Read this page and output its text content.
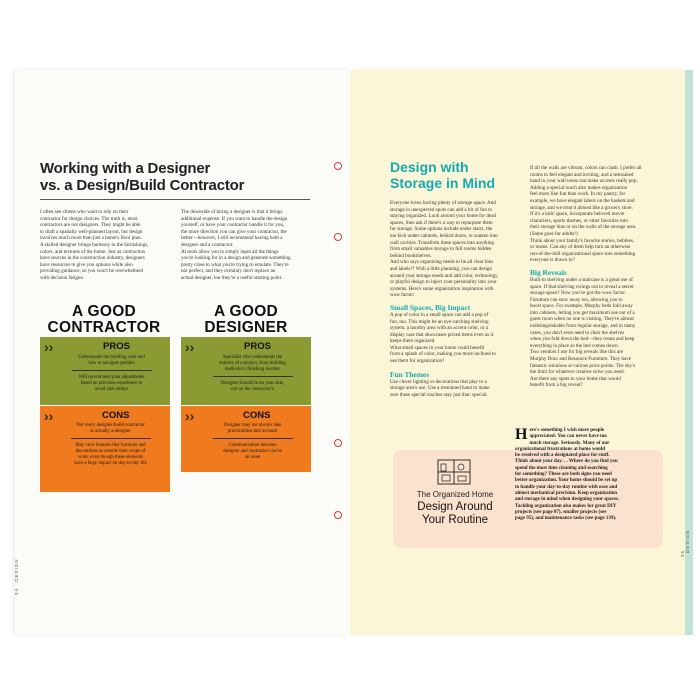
Working with a Designer
vs. a Design/Build Contractor
I often see clients who want to rely on their
contractor for design choices. The truth is, most
contractors are not designers. They might be able
to draft a spatially well-planned layout, but design
involves much more than just a home's floor plan.
A skilled designer brings harmony to the furnishings,
colors, and textures of the home. Just as contractors
have sources in the construction industry, designers
have resources to give you options while also
providing guidance, so you won't be overwhelmed
with decision fatigue.
The downside of hiring a designer is that it brings
additional expense. If you want to handle the design
yourself, or have your contractor handle it for you,
the more direction you can give your contractor, the
better—however, I still recommend having both a
designer and a contractor.
At tools allow you to simply input all the things
you're looking for in a design and generate something
pretty close to what you're trying to emulate. They're
not perfect, and they certainly don't replace an
actual designer, but they're a useful starting point.
A GOOD
CONTRACTOR
A GOOD
DESIGNER
››	PROS
Understands the building code and
how to navigate permits
Will recommend plan adjustments
based on previous experience to
avoid later delays
››	CONS
Not every designer/build contractor
is actually a designer
May view features like furniture and
decorations as outside their scope of
work, even though these elements
have a huge impact on day-to-day life
››	PROS
Specialist who understands the
entirety of a project, from building
methods to finishing touches
Designer should be on your side,
not on the contractor's
››	CONS
Designer may not always take
practicalities into account
Communication between
designer and contractor can be
an issue
34 DESIGN
Design with
Storage in Mind
Everyone loves having plenty of storage space. And
storage in unexpected spots can add a bit of fun to
staying organized. Look around your home for dead
spaces, then ask if there's a way to repurpose them
for storage. Some options include under stairs, the
toe kick under cabinets, behind doors, or sunken into
wall cavities. Transform these spaces into anything
from small valuables storage to full rooms hidden
behind bookshelves.
And who says organizing needs to be all clear bins
and labels?! With a little planning, you can design
around your storage needs and add color, technology,
or playful design to inject your personality into your
systems. Here's some organization inspiration with
wow factor:
Small Spaces, Big Impact
A pop of color in a small space can add a pop of
fun, too. This might be an eye-catching shelving
system, a laundry area with an accent color, or a
display case that showcases prized items even as it
keeps them organized.
What small spaces in your home could benefit
from a splash of color, making you more inclined to
use them for organization?
Fun Themes
Use clever lighting or decorations that play to a
storage area's use. Use a restrained hand to make
sure these special touches stay just that: special.
If all the walls are vibrant, colors can clash. I prefer all
rooms to feel elegant and inviting, and a restrained
hand in your wall tones can make accents really pop.
Adding a special touch also makes organization
feel more like fun than work. In my pantry, for
example, we have elegant labels on the baskets and
storage, and we treat it almost like a grocery store.
If it's a kids' space, incorporate beloved movie
characters, sports themes, or other favorites into
their storage bins or on the walls of the storage area.
(Same goes for adults!)
Think about your family's favorite stories, hobbies,
or teams. Can any of them help turn an otherwise
run-of-the-mill organizational space into something
everyone is drawn to?
Big Reveals
Built-in shelving under a staircase is a great use of
space. If that shelving swings out to reveal a secret
storage space? Now you've got the wow factor.
Furniture can stow away too, allowing you to
boost space. For example, Murphy beds fold away
into cabinets, letting you get maximum use out of a
guest room when no one is visiting. They're almost
indistinguishable from regular storage, and in many
cases, you don't even need to clear the shelves
when you fold down the bed—they rotate and keep
everything in place as the bed comes down.
Two vendors I use for big reveals like this are
Murphy Door and Resource Furniture. They have
fantastic solutions at various price points. The sky's
the limit for whatever creative solve you need.
Are there any spots in your home that would
benefit from a big reveal?
The Organized Home
Design Around
Your Routine
H ere's something I wish more people
appreciated: You can never have too
much storage. Seriously. Many of our
organizational frustrations at home would
be resolved with a designated place for stuff.
Think about your day. . . Where do you find you
spend the most time cleaning and searching
for something? These are both signs you need
better organization. Your home should be set up
to handle your day-to-day routine with ease and
almost mechanical precision. Keep organization
and storage in mind when designing your spaces.
Tackling organization also makes for great DIY
projects (see page 87), smaller projects (see
page 95), and maintenance tasks (see page 139).
35 DESIGN
